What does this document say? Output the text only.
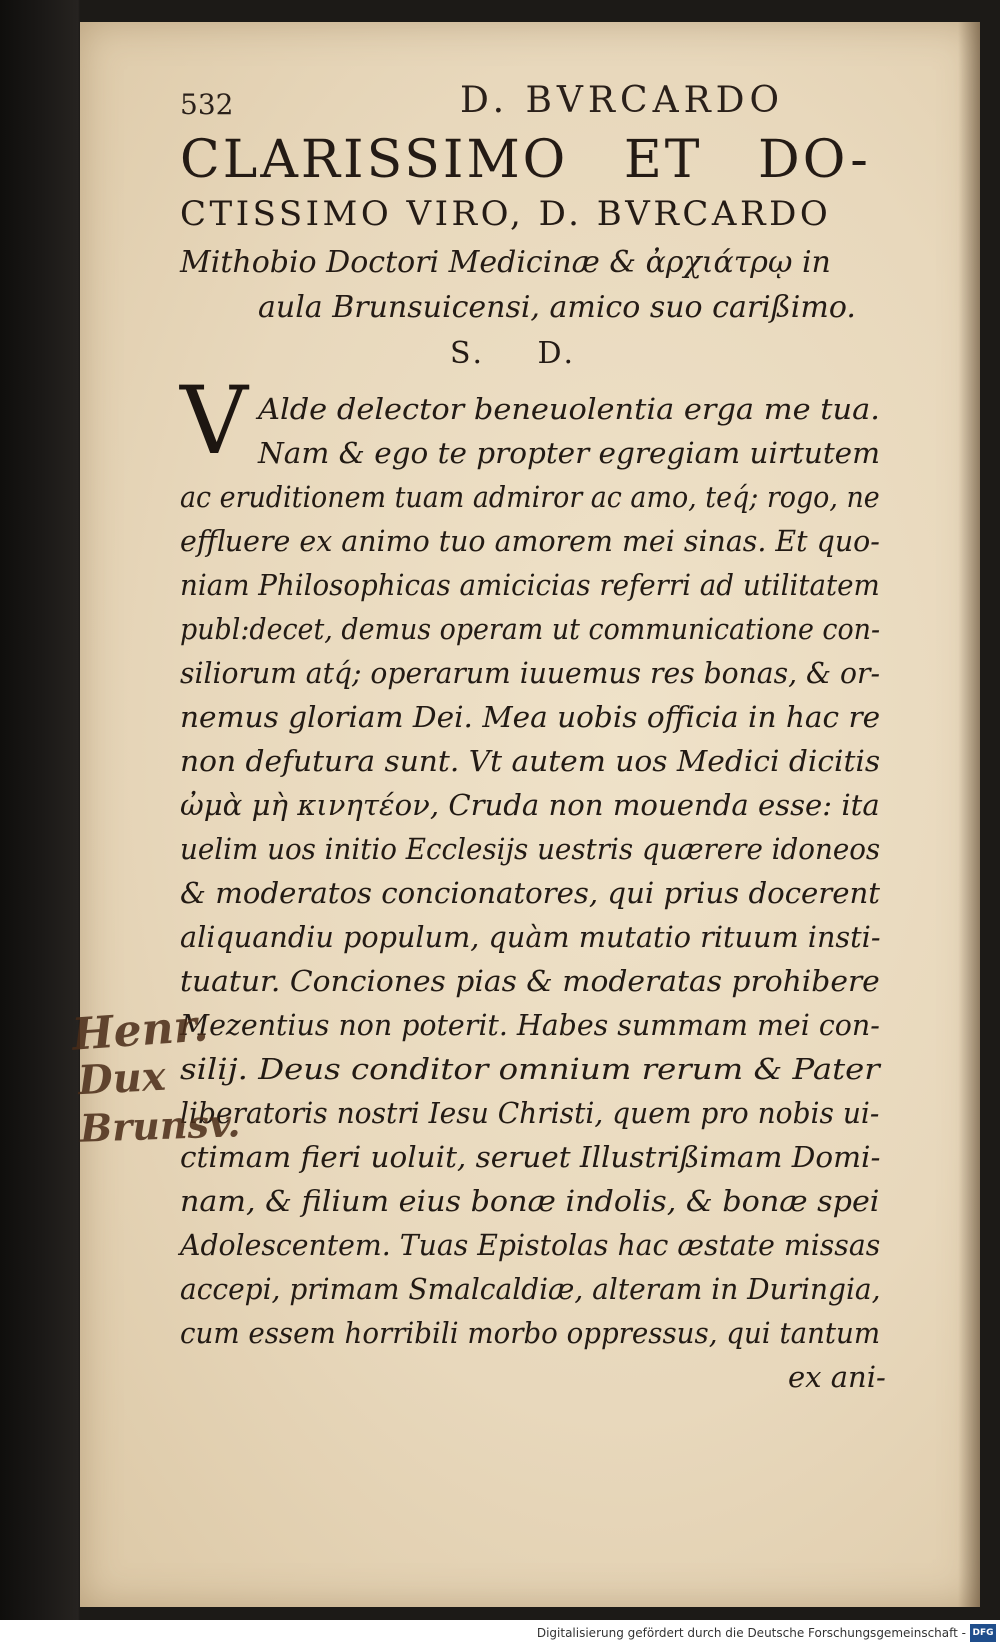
532	D. BVRCARDO
CLARISSIMO ET DO-
CTISSIMO VIRO, D. BVRCARDO
Mithobio Doctori Medicinæ & ἀρχιάτρῳ in
aula Brunsuicensi, amico suo carißimo.
S. D.
V Alde delector beneuolentia erga me tua.
Nam & ego te propter egregiam uirtutem
ac eruditionem tuam admiror ac amo, teq́; rogo, ne
effluere ex animo tuo amorem mei sinas. Et quo-
niam Philosophicas amicicias referri ad utilitatem
publ:decet, demus operam ut communicatione con-
siliorum atq́; operarum iuuemus res bonas, & or-
nemus gloriam Dei. Mea uobis officia in hac re
non defutura sunt. Vt autem uos Medici dicitis
ὠμὰ μὴ κινητέον, Cruda non mouenda esse: ita
uelim uos initio Ecclesijs uestris quærere idoneos
& moderatos concionatores, qui prius docerent
aliquandiu populum, quàm mutatio rituum insti-
tuatur. Conciones pias & moderatas prohibere
Mezentius non poterit. Habes summam mei con-
silij. Deus conditor omnium rerum & Pater
liberatoris nostri Iesu Christi, quem pro nobis ui-
ctimam fieri uoluit, seruet Illustrißimam Domi-
nam, & filium eius bonæ indolis, & bonæ spei
Adolescentem. Tuas Epistolas hac æstate missas
accepi, primam Smalcaldiæ, alteram in Duringia,
cum essem horribili morbo oppressus, qui tantum
ex ani-
Henr.
Dux
Brunsv.
Digitalisierung gefördert durch die Deutsche Forschungsgemeinschaft - DFG
